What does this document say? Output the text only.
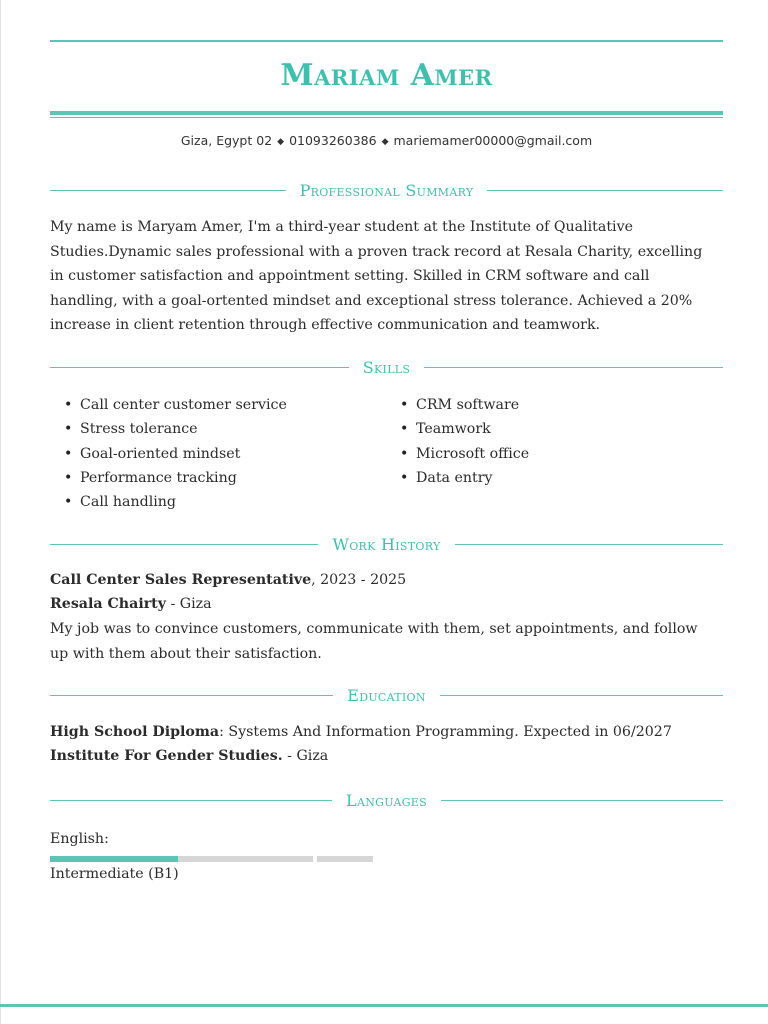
Mariam Amer
Giza, Egypt 02 ◆ 01093260386 ◆ mariemamer00000@gmail.com
Professional Summary
My name is Maryam Amer, I'm a third-year student at the Institute of Qualitative
Studies.Dynamic sales professional with a proven track record at Resala Charity, excelling
in customer satisfaction and appointment setting. Skilled in CRM software and call
handling, with a goal-ortented mindset and exceptional stress tolerance. Achieved a 20%
increase in client retention through effective communication and teamwork.
Skills
• Call center customer service
• Stress tolerance
• Goal-oriented mindset
• Performance tracking
• Call handling
• CRM software
• Teamwork
• Microsoft office
• Data entry
Work History
Call Center Sales Representative, 2023 - 2025
Resala Chairty - Giza
My job was to convince customers, communicate with them, set appointments, and follow
up with them about their satisfaction.
Education
High School Diploma: Systems And Information Programming. Expected in 06/2027
Institute For Gender Studies. - Giza
Languages
English:
Intermediate (B1)
